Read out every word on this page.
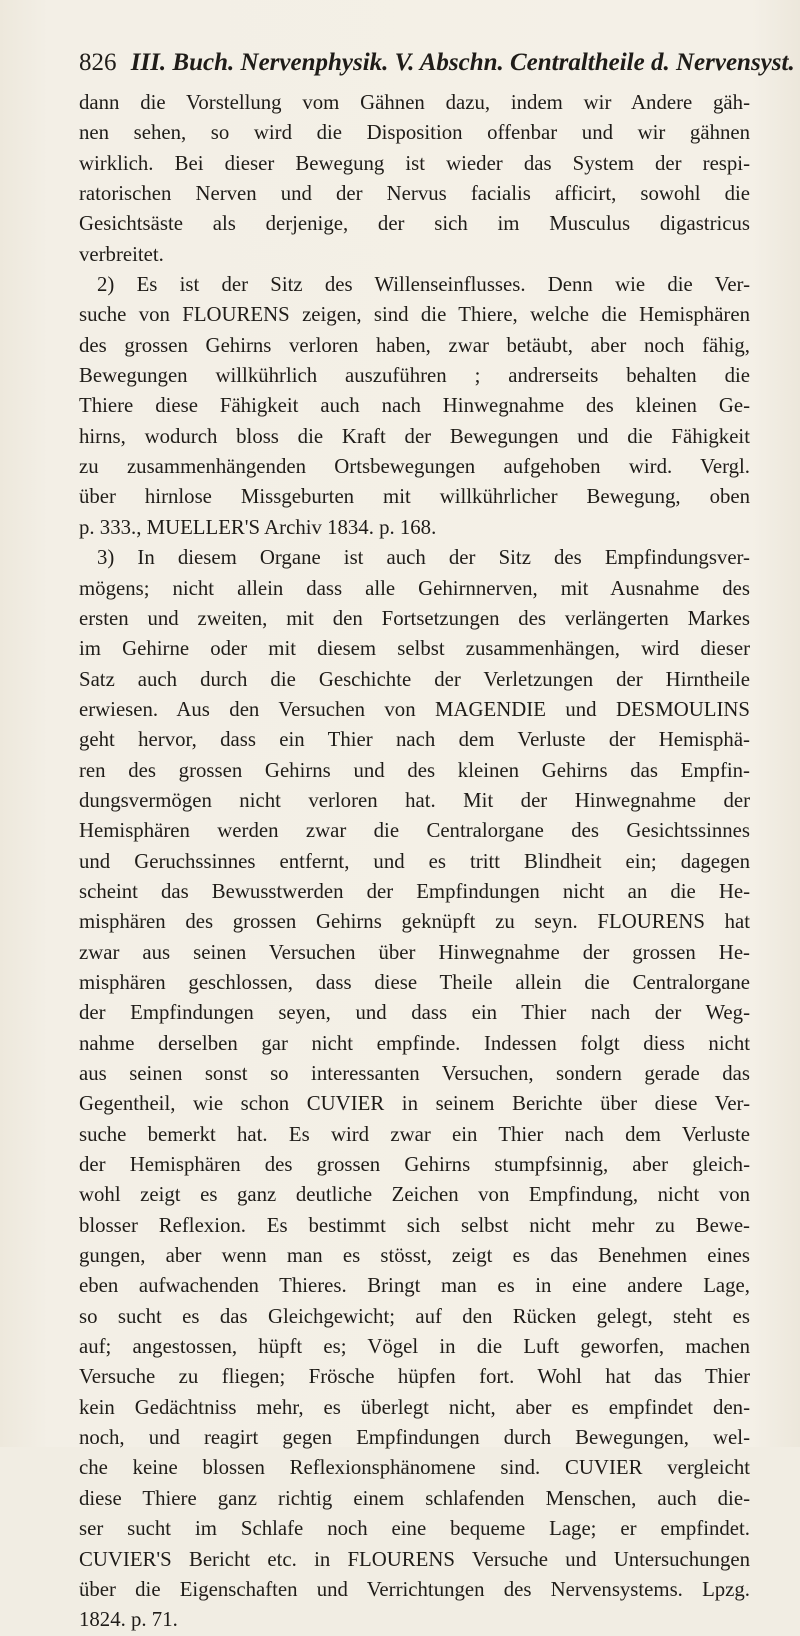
826 III. Buch. Nervenphysik. V. Abschn. Centraltheile d. Nervensyst.
dann die Vorstellung vom Gähnen dazu, indem wir Andere gäh-
nen sehen, so wird die Disposition offenbar und wir gähnen
wirklich. Bei dieser Bewegung ist wieder das System der respi-
ratorischen Nerven und der Nervus facialis afficirt, sowohl die
Gesichtsäste als derjenige, der sich im Musculus digastricus
verbreitet.
2) Es ist der Sitz des Willenseinflusses. Denn wie die Ver-
suche von FLOURENS zeigen, sind die Thiere, welche die Hemisphären
des grossen Gehirns verloren haben, zwar betäubt, aber noch fähig,
Bewegungen willkührlich auszuführen ; andrerseits behalten die
Thiere diese Fähigkeit auch nach Hinwegnahme des kleinen Ge-
hirns, wodurch bloss die Kraft der Bewegungen und die Fähigkeit
zu zusammenhängenden Ortsbewegungen aufgehoben wird. Vergl.
über hirnlose Missgeburten mit willkührlicher Bewegung, oben
p. 333., MUELLER'S Archiv 1834. p. 168.
3) In diesem Organe ist auch der Sitz des Empfindungsver-
mögens; nicht allein dass alle Gehirnnerven, mit Ausnahme des
ersten und zweiten, mit den Fortsetzungen des verlängerten Markes
im Gehirne oder mit diesem selbst zusammenhängen, wird dieser
Satz auch durch die Geschichte der Verletzungen der Hirntheile
erwiesen. Aus den Versuchen von MAGENDIE und DESMOULINS
geht hervor, dass ein Thier nach dem Verluste der Hemisphä-
ren des grossen Gehirns und des kleinen Gehirns das Empfin-
dungsvermögen nicht verloren hat. Mit der Hinwegnahme der
Hemisphären werden zwar die Centralorgane des Gesichtssinnes
und Geruchssinnes entfernt, und es tritt Blindheit ein; dagegen
scheint das Bewusstwerden der Empfindungen nicht an die He-
misphären des grossen Gehirns geknüpft zu seyn. FLOURENS hat
zwar aus seinen Versuchen über Hinwegnahme der grossen He-
misphären geschlossen, dass diese Theile allein die Centralorgane
der Empfindungen seyen, und dass ein Thier nach der Weg-
nahme derselben gar nicht empfinde. Indessen folgt diess nicht
aus seinen sonst so interessanten Versuchen, sondern gerade das
Gegentheil, wie schon CUVIER in seinem Berichte über diese Ver-
suche bemerkt hat. Es wird zwar ein Thier nach dem Verluste
der Hemisphären des grossen Gehirns stumpfsinnig, aber gleich-
wohl zeigt es ganz deutliche Zeichen von Empfindung, nicht von
blosser Reflexion. Es bestimmt sich selbst nicht mehr zu Bewe-
gungen, aber wenn man es stösst, zeigt es das Benehmen eines
eben aufwachenden Thieres. Bringt man es in eine andere Lage,
so sucht es das Gleichgewicht; auf den Rücken gelegt, steht es
auf; angestossen, hüpft es; Vögel in die Luft geworfen, machen
Versuche zu fliegen; Frösche hüpfen fort. Wohl hat das Thier
kein Gedächtniss mehr, es überlegt nicht, aber es empfindet den-
noch, und reagirt gegen Empfindungen durch Bewegungen, wel-
che keine blossen Reflexionsphänomene sind. CUVIER vergleicht
diese Thiere ganz richtig einem schlafenden Menschen, auch die-
ser sucht im Schlafe noch eine bequeme Lage; er empfindet.
CUVIER'S Bericht etc. in FLOURENS Versuche und Untersuchungen
über die Eigenschaften und Verrichtungen des Nervensystems. Lpzg.
1824. p. 71.
